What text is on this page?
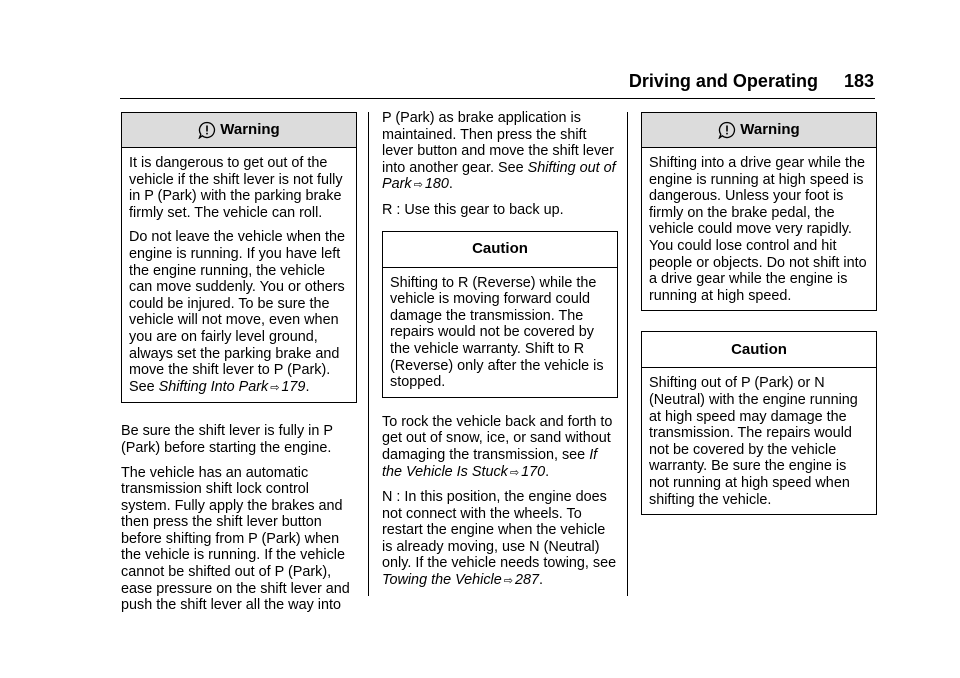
Driving and Operating 183
Warning

It is dangerous to get out of the vehicle if the shift lever is not fully in P (Park) with the parking brake firmly set. The vehicle can roll.

Do not leave the vehicle when the engine is running. If you have left the engine running, the vehicle can move suddenly. You or others could be injured. To be sure the vehicle will not move, even when you are on fairly level ground, always set the parking brake and move the shift lever to P (Park). See Shifting Into Park ⇨ 179.

Be sure the shift lever is fully in P (Park) before starting the engine.

The vehicle has an automatic transmission shift lock control system. Fully apply the brakes and then press the shift lever button before shifting from P (Park) when the vehicle is running. If the vehicle cannot be shifted out of P (Park), ease pressure on the shift lever and push the shift lever all the way into

P (Park) as brake application is maintained. Then press the shift lever button and move the shift lever into another gear. See Shifting out of Park ⇨ 180.

R : Use this gear to back up.

Caution

Shifting to R (Reverse) while the vehicle is moving forward could damage the transmission. The repairs would not be covered by the vehicle warranty. Shift to R (Reverse) only after the vehicle is stopped.

To rock the vehicle back and forth to get out of snow, ice, or sand without damaging the transmission, see If the Vehicle Is Stuck ⇨ 170.

N : In this position, the engine does not connect with the wheels. To restart the engine when the vehicle is already moving, use N (Neutral) only. If the vehicle needs towing, see Towing the Vehicle ⇨ 287.

Warning

Shifting into a drive gear while the engine is running at high speed is dangerous. Unless your foot is firmly on the brake pedal, the vehicle could move very rapidly. You could lose control and hit people or objects. Do not shift into a drive gear while the engine is running at high speed.

Caution

Shifting out of P (Park) or N (Neutral) with the engine running at high speed may damage the transmission. The repairs would not be covered by the vehicle warranty. Be sure the engine is not running at high speed when shifting the vehicle.
